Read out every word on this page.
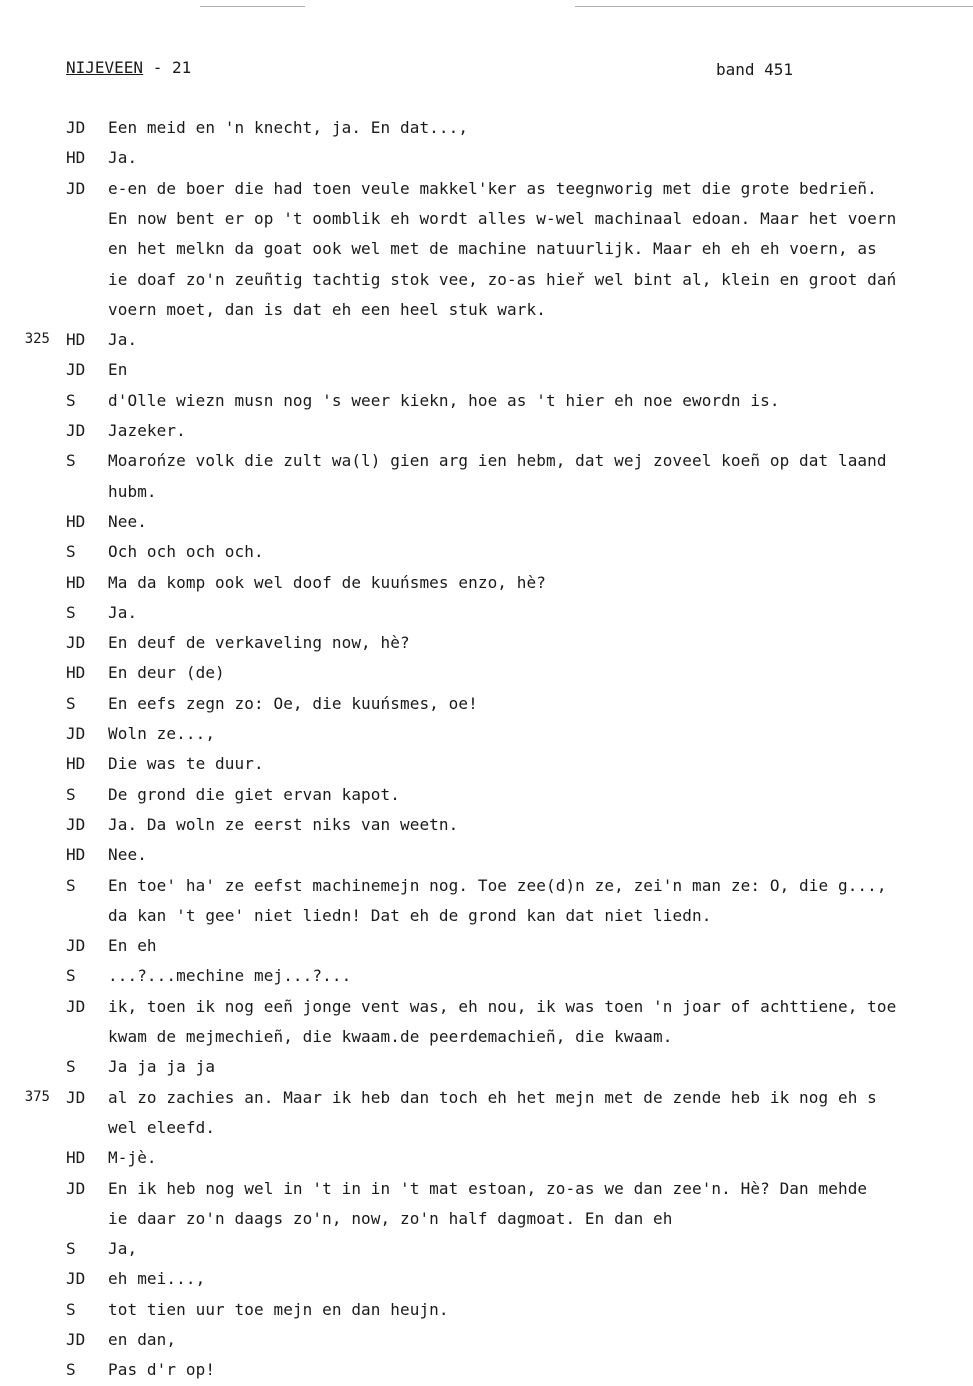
NIJEVEEN - 21	band 451
JD	Een meid en 'n knecht, ja. En dat...,
HD	Ja.
JD	e-en de boer die had toen veule makkel'ker as teegnworig met die grote bedrieñ.
En now bent er op 't oomblik eh wordt alles w-wel machinaal edoan. Maar het voern
en het melkn da goat ook wel met de machine natuurlijk. Maar eh eh eh voern, as
ie doaf zo'n zeuñtig tachtig stok vee, zo-as hieř wel bint al, klein en groot dań
voern moet, dan is dat eh een heel stuk wark.
325 HD	Ja.
JD	En
S	d'Olle wiezn musn nog 's weer kiekn, hoe as 't hier eh noe ewordn is.
JD	Jazeker.
S	Moarońze volk die zult wa(l) gien arg ien hebm, dat wej zoveel koeñ op dat laand
hubm.
HD	Nee.
S	Och och och och.
HD	Ma da komp ook wel doof de kuuńsmes enzo, hè?
S	Ja.
JD	En deuf de verkaveling now, hè?
HD	En deur (de)
S	En eefs zegn zo: Oe, die kuuńsmes, oe!
JD	Woln ze...,
HD	Die was te duur.
S	De grond die giet ervan kapot.
JD	Ja. Da woln ze eerst niks van weetn.
HD	Nee.
S	En toe' ha' ze eefst machinemejn nog. Toe zee(d)n ze, zei'n man ze: O, die g...,
da kan 't gee' niet liedn! Dat eh de grond kan dat niet liedn.
JD	En eh
S	...?...mechine mej...?...
JD	ik, toen ik nog eeñ jonge vent was, eh nou, ik was toen 'n joar of achttiene, toe
kwam de mejmechieñ, die kwaam.de peerdemachieñ, die kwaam.
S	Ja ja ja ja
375 JD	al zo zachies an. Maar ik heb dan toch eh het mejn met de zende heb ik nog eh s
wel eleefd.
HD	M-jè.
JD	En ik heb nog wel in 't in in 't mat estoan, zo-as we dan zee'n. Hè? Dan mehde
ie daar zo'n daags zo'n, now, zo'n half dagmoat. En dan eh
S	Ja,
JD	eh mei...,
S	tot tien uur toe mejn en dan heujn.
JD	en dan,
S	Pas d'r op!
